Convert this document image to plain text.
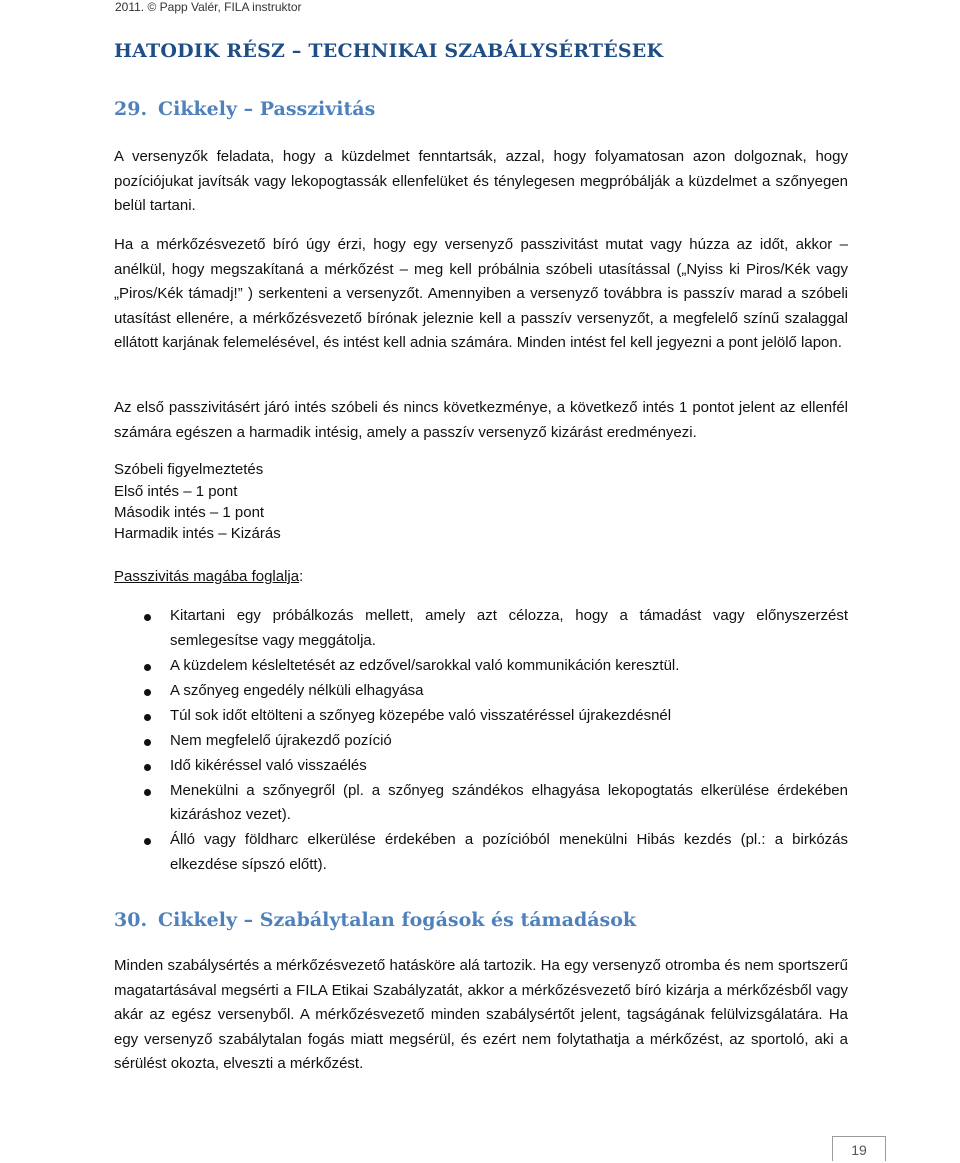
2011. © Papp Valér, FILA instruktor
HATODIK RÉSZ – TECHNIKAI SZABÁLYSÉRTÉSEK
29. Cikkely – Passzivitás

A versenyzők feladata, hogy a küzdelmet fenntartsák, azzal, hogy folyamatosan azon dolgoznak, hogy pozíciójukat javítsák vagy lekopogtassák ellenfelüket és ténylegesen megpróbálják a küzdelmet a szőnyegen belül tartani.

Ha a mérkőzésvezető bíró úgy érzi, hogy egy versenyző passzivitást mutat vagy húzza az időt, akkor – anélkül, hogy megszakítaná a mérkőzést – meg kell próbálnia szóbeli utasítással („Nyiss ki Piros/Kék vagy „Piros/Kék támadj!” ) serkenteni a versenyzőt. Amennyiben a versenyző továbbra is passzív marad a szóbeli utasítást ellenére, a mérkőzésvezető bírónak jeleznie kell a passzív versenyzőt, a megfelelő színű szalaggal ellátott karjának felemelésével, és intést kell adnia számára. Minden intést fel kell jegyezni a pont jelölő lapon.

Az első passzivitásért járó intés szóbeli és nincs következménye, a következő intés 1 pontot jelent az ellenfél számára egészen a harmadik intésig, amely a passzív versenyző kizárást eredményezi.

Szóbeli figyelmeztetés
Első intés – 1 pont
Második intés – 1 pont
Harmadik intés – Kizárás
Passzivitás magába foglalja:
Kitartani egy próbálkozás mellett, amely azt célozza, hogy a támadást vagy előnyszerzést semlegesítse vagy meggátolja.
A küzdelem késleltetését az edzővel/sarokkal való kommunikáción keresztül.
A szőnyeg engedély nélküli elhagyása
Túl sok időt eltölteni a szőnyeg közepébe való visszatéréssel újrakezdésnél
Nem megfelelő újrakezdő pozíció
Idő kikéréssel való visszaélés
Menekülni a szőnyegről (pl. a szőnyeg szándékos elhagyása lekopogtatás elkerülése érdekében kizáráshoz vezet).
Álló vagy földharc elkerülése érdekében a pozícióból menekülni Hibás kezdés (pl.: a birkózás elkezdése sípszó előtt).
30. Cikkely – Szabálytalan fogások és támadások

Minden szabálysértés a mérkőzésvezető hatásköre alá tartozik. Ha egy versenyző otromba és nem sportszerű magatartásával megsérti a FILA Etikai Szabályzatát, akkor a mérkőzésvezető bíró kizárja a mérkőzésből vagy akár az egész versenyből. A mérkőzésvezető minden szabálysértőt jelent, tagságának felülvizsgálatára. Ha egy versenyző szabálytalan fogás miatt megsérül, és ezért nem folytathatja a mérkőzést, az sportoló, aki a sérülést okozta, elveszti a mérkőzést.

19
